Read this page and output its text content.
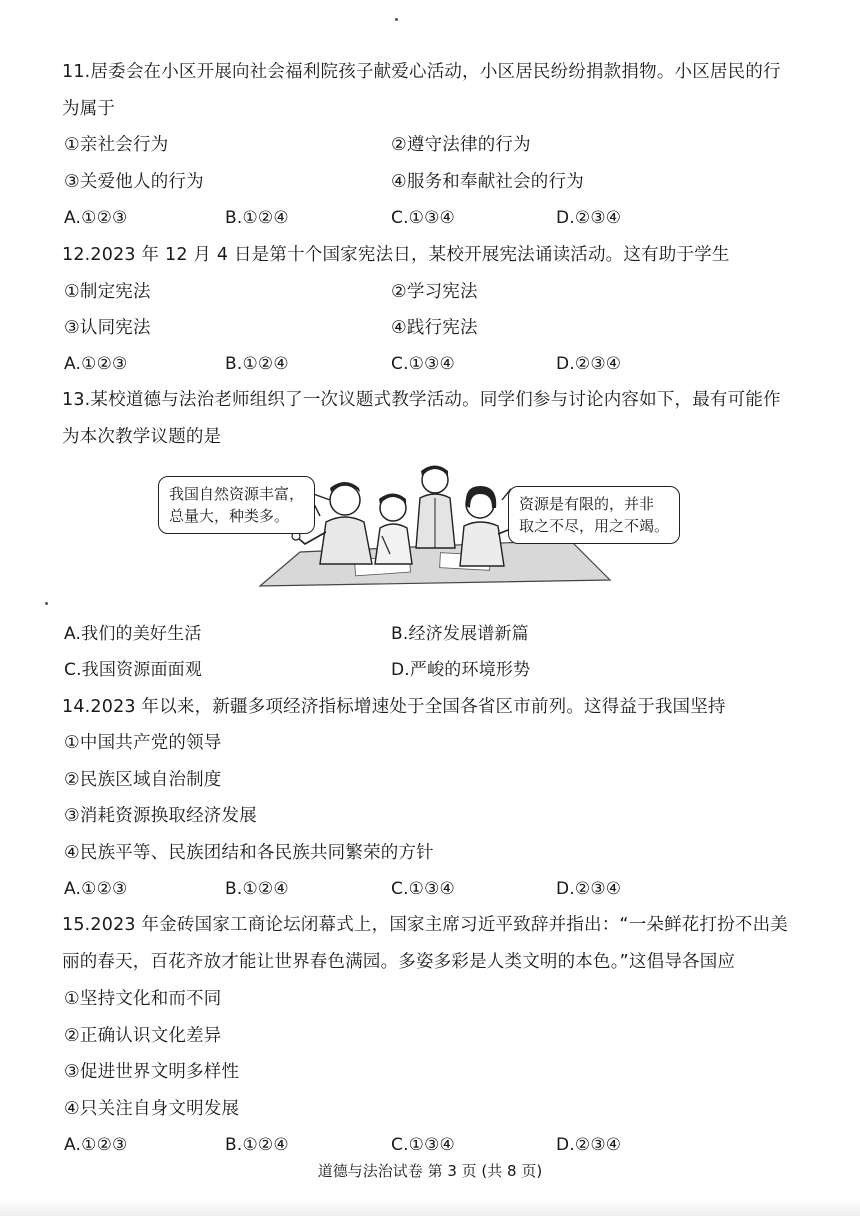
11.居委会在小区开展向社会福利院孩子献爱心活动，小区居民纷纷捐款捐物。小区居民的行
为属于
①亲社会行为	②遵守法律的行为
③关爱他人的行为	④服务和奉献社会的行为
A.①②③	B.①②④	C.①③④	D.②③④
12.2023 年 12 月 4 日是第十个国家宪法日，某校开展宪法诵读活动。这有助于学生
①制定宪法	②学习宪法
③认同宪法	④践行宪法
A.①②③	B.①②④	C.①③④	D.②③④
13.某校道德与法治老师组织了一次议题式教学活动。同学们参与讨论内容如下，最有可能作
为本次教学议题的是
我国自然资源丰富，
总量大，种类多。
资源是有限的，并非
取之不尽，用之不竭。
A.我们的美好生活	B.经济发展谱新篇
C.我国资源面面观	D.严峻的环境形势
14.2023 年以来，新疆多项经济指标增速处于全国各省区市前列。这得益于我国坚持
①中国共产党的领导
②民族区域自治制度
③消耗资源换取经济发展
④民族平等、民族团结和各民族共同繁荣的方针
A.①②③	B.①②④	C.①③④	D.②③④
15.2023 年金砖国家工商论坛闭幕式上，国家主席习近平致辞并指出：“一朵鲜花打扮不出美
丽的春天，百花齐放才能让世界春色满园。多姿多彩是人类文明的本色。”这倡导各国应
①坚持文化和而不同
②正确认识文化差异
③促进世界文明多样性
④只关注自身文明发展
A.①②③	B.①②④	C.①③④	D.②③④
道德与法治试卷 第 3 页 (共 8 页)
